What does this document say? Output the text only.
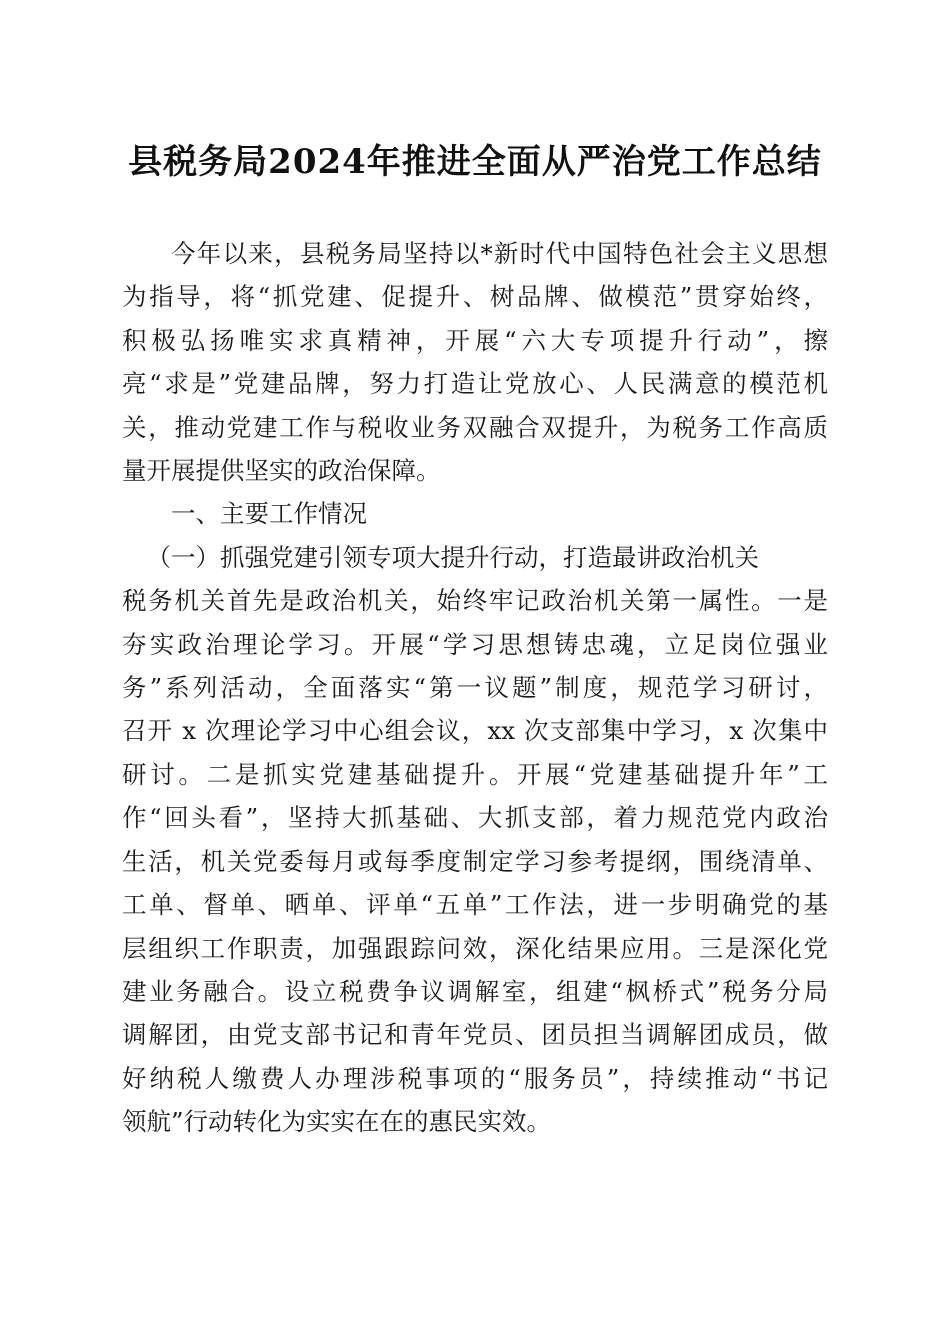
县税务局2024年推进全面从严治党工作总结
今年以来，县税务局坚持以*新时代中国特色社会主义思想
为指导，将“抓党建、促提升、树品牌、做模范”贯穿始终，
积极弘扬唯实求真精神，开展“六大专项提升行动”，擦
亮“求是”党建品牌，努力打造让党放心、人民满意的模范机
关，推动党建工作与税收业务双融合双提升，为税务工作高质
量开展提供坚实的政治保障。
一、主要工作情况
（一）抓强党建引领专项大提升行动，打造最讲政治机关
税务机关首先是政治机关，始终牢记政治机关第一属性。一是
夯实政治理论学习。开展“学习思想铸忠魂，立足岗位强业
务”系列活动，全面落实“第一议题”制度，规范学习研讨，
召开 x 次理论学习中心组会议，xx 次支部集中学习，x 次集中
研讨。二是抓实党建基础提升。开展“党建基础提升年”工
作“回头看”，坚持大抓基础、大抓支部，着力规范党内政治
生活，机关党委每月或每季度制定学习参考提纲，围绕清单、
工单、督单、晒单、评单“五单”工作法，进一步明确党的基
层组织工作职责，加强跟踪问效，深化结果应用。三是深化党
建业务融合。设立税费争议调解室，组建“枫桥式”税务分局
调解团，由党支部书记和青年党员、团员担当调解团成员，做
好纳税人缴费人办理涉税事项的“服务员”，持续推动“书记
领航”行动转化为实实在在的惠民实效。
